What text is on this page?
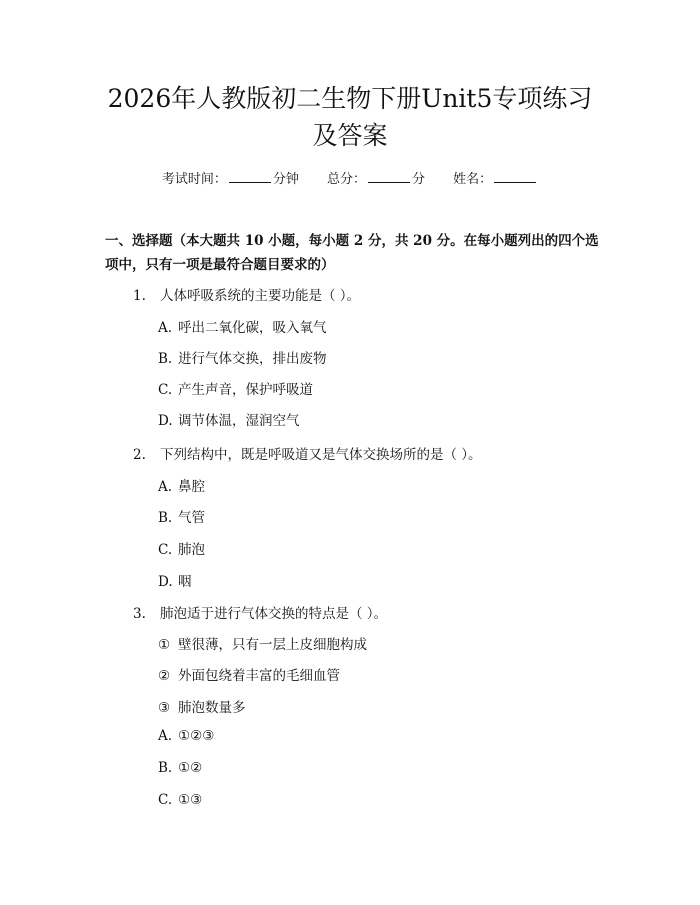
2026年人教版初二生物下册Unit5专项练习
及答案
考试时间：	分钟 总分：	分 姓名：
一、选择题（本大题共 10 小题，每小题 2 分，共 20 分。在每小题列出的四个选项中，只有一项是最符合题目要求的）
1. 人体呼吸系统的主要功能是（ ）。
A. 呼出二氧化碳，吸入氧气
B. 进行气体交换，排出废物
C. 产生声音，保护呼吸道
D. 调节体温，湿润空气
2. 下列结构中，既是呼吸道又是气体交换场所的是（ ）。
A. 鼻腔
B. 气管
C. 肺泡
D. 咽
3. 肺泡适于进行气体交换的特点是（ ）。
① 壁很薄，只有一层上皮细胞构成
② 外面包绕着丰富的毛细血管
③ 肺泡数量多
A. ①②③
B. ①②
C. ①③
